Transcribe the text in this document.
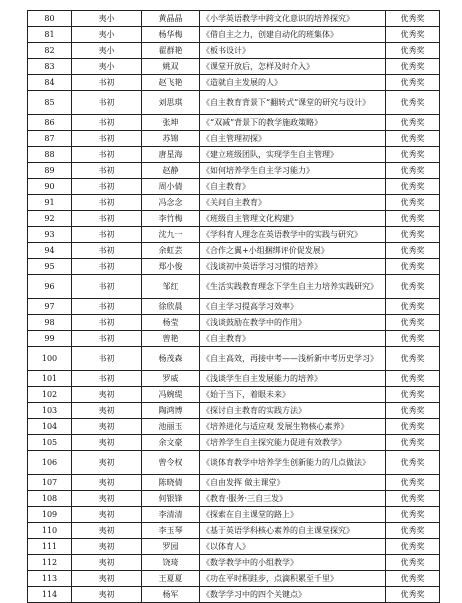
80	夷小	黄晶晶	《小学英语教学中跨文化意识的培养探究》	优秀奖
81	夷小	杨华梅	《借自主之力，创建自动化的班集体》	优秀奖
82	夷小	翟群艳	《板书设计》	优秀奖
83	夷小	姚双	《课堂开放后，怎样及时介入》	优秀奖
84	书初	赵飞艳	《造就自主发展的人》	优秀奖
85	书初	刘思琪	《自主教育背景下“翻转式”课堂的研究与设计》	优秀奖
86	书初	张坤	《“双减”背景下的教学施政策略》	优秀奖
87	书初	苏锦	《自主管理初探》	优秀奖
88	书初	唐星海	《建立班级团队，实现学生自主管理》	优秀奖
89	书初	赵静	《如何培养学生自主学习能力》	优秀奖
90	书初	周小倩	《自主教育》	优秀奖
91	书初	冯念念	《关问自主教育》	优秀奖
92	书初	李竹梅	《班级自主管理文化构建》	优秀奖
93	书初	沈九一	《学科育人理念在英语教学中的实践与研究》	优秀奖
94	书初	余虹芸	《合作之翼+小组捆绑评价促发展》	优秀奖
95	书初	郑小俊	《浅谈初中英语学习习惯的培养》	优秀奖
96	书初	邹红	《生活实践教育理念下学生自主力培养实践研究》	优秀奖
97	书初	徐欣晨	《自主学习提高学习效率》	优秀奖
98	书初	杨莹	《浅谈鼓励在教学中的作用》	优秀奖
99	书初	曾艳	《自主教育》	优秀奖
100	书初	杨茂森	《自主高效，再接中考——浅析新中考历史学习》	优秀奖
101	书初	罗威	《浅谈学生自主发展能力的培养》	优秀奖
102	夷初	冯婉缇	《始于当下，着眼未来》	优秀奖
103	夷初	陶鸿博	《探讨自主教育的实践方法》	优秀奖
104	夷初	池丽玉	《培养进化与适应观 发展生物核心素养》	优秀奖
105	夷初	余文豪	《培养学生自主探究能力促进有效教学》	优秀奖
106	夷初	曾令权	《谈体育教学中培养学生创新能力的几点做法》	优秀奖
107	夷初	陈晓倩	《自由发挥 做主课堂》	优秀奖
108	夷初	何银锋	《教育·服务·三自三发》	优秀奖
109	夷初	李清清	《探索在自主课堂的路上》	优秀奖
110	夷初	李玉琴	《基于英语学科核心素养的自主课堂探究》	优秀奖
111	夷初	罗园	《以体育人》	优秀奖
112	夷初	饶琦	《数学教学中的小组教学》	优秀奖
113	夷初	王夏夏	《功在平时积跬步，点滴积累至千里》	优秀奖
114	夷初	杨军	《数学学习中的四个关键点》	优秀奖
